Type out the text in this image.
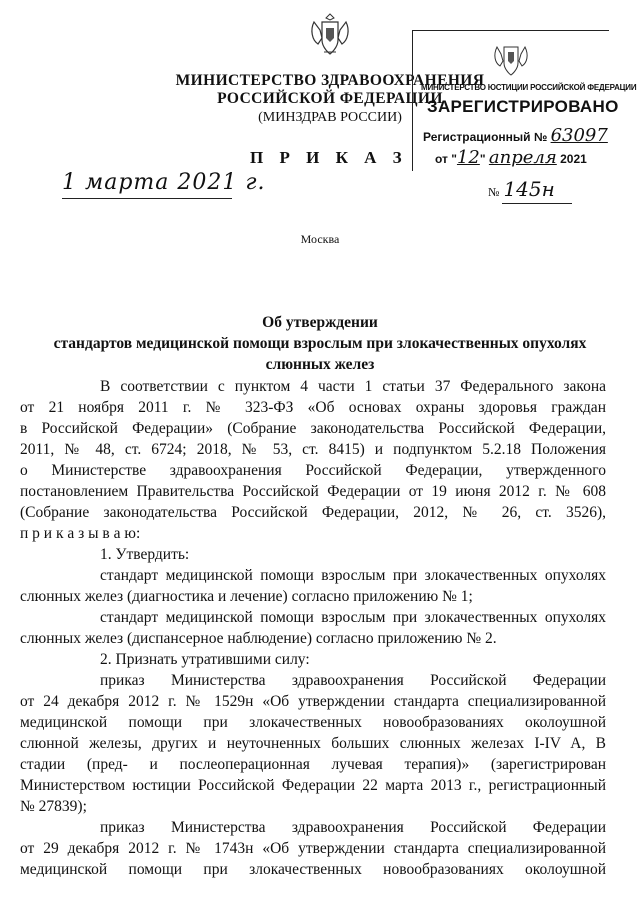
МИНИСТЕРСТВО ЗДРАВООХРАНЕНИЯ
РОССИЙСКОЙ ФЕДЕРАЦИИ
(МИНЗДРАВ РОССИИ)
МИНИСТЕРСТВО ЮСТИЦИИ РОССИЙСКОЙ ФЕДЕРАЦИИ
ЗАРЕГИСТРИРОВАНО
Регистрационный № 63097
от "12" апреля 2021
П Р И К А З
1 марта 2021 г.	№ 145н
Москва
Об утверждении
стандартов медицинской помощи взрослым при злокачественных опухолях
слюнных желез

В соответствии с пунктом 4 части 1 статьи 37 Федерального закона

от 21 ноября 2011 г. № 323-ФЗ «Об основах охраны здоровья граждан

в Российской Федерации» (Собрание законодательства Российской Федерации,

2011, № 48, ст. 6724; 2018, № 53, ст. 8415) и подпунктом 5.2.18 Положения

о Министерстве здравоохранения Российской Федерации, утвержденного

постановлением Правительства Российской Федерации от 19 июня 2012 г. № 608

(Собрание законодательства Российской Федерации, 2012, № 26, ст. 3526),

п р и к а з ы в а ю:

1. Утвердить:

стандарт медицинской помощи взрослым при злокачественных опухолях

слюнных желез (диагностика и лечение) согласно приложению № 1;

стандарт медицинской помощи взрослым при злокачественных опухолях

слюнных желез (диспансерное наблюдение) согласно приложению № 2.

2. Признать утратившими силу:

приказ Министерства здравоохранения Российской Федерации

от 24 декабря 2012 г. № 1529н «Об утверждении стандарта специализированной

медицинской помощи при злокачественных новообразованиях околоушной

слюнной железы, других и неуточненных больших слюнных железах I-IV A, B

стадии (пред- и послеоперационная лучевая терапия)» (зарегистрирован

Министерством юстиции Российской Федерации 22 марта 2013 г., регистрационный

№ 27839);

приказ Министерства здравоохранения Российской Федерации

от 29 декабря 2012 г. № 1743н «Об утверждении стандарта специализированной

медицинской помощи при злокачественных новообразованиях околоушной
